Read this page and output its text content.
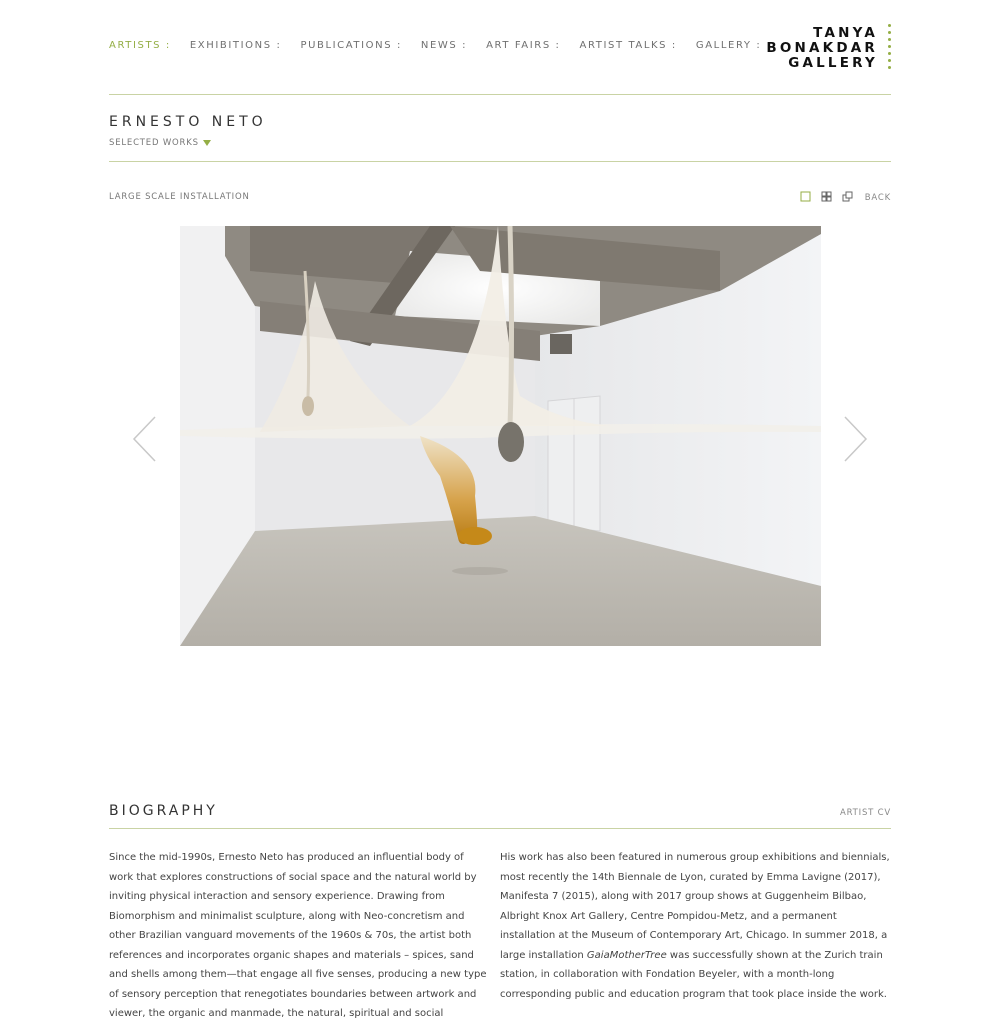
ARTISTS : EXHIBITIONS : PUBLICATIONS : NEWS : ART FAIRS : ARTIST TALKS : GALLERY :
TANYA
BONAKDAR
GALLERY
ERNESTO NETO
SELECTED WORKS
LARGE SCALE INSTALLATION	BACK
BIOGRAPHY	ARTIST CV
Since the mid-1990s, Ernesto Neto has produced an influential body of work that explores constructions of social space and the natural world by inviting physical interaction and sensory experience. Drawing from Biomorphism and minimalist sculpture, along with Neo-concretism and other Brazilian vanguard movements of the 1960s & 70s, the artist both references and incorporates organic shapes and materials – spices, sand and shells among them—that engage all five senses, producing a new type of sensory perception that renegotiates boundaries between artwork and viewer, the organic and manmade, the natural, spiritual and social
His work has also been featured in numerous group exhibitions and biennials, most recently the 14th Biennale de Lyon, curated by Emma Lavigne (2017), Manifesta 7 (2015), along with 2017 group shows at Guggenheim Bilbao, Albright Knox Art Gallery, Centre Pompidou-Metz, and a permanent installation at the Museum of Contemporary Art, Chicago. In summer 2018, a large installation GaiaMotherTree was successfully shown at the Zurich train station, in collaboration with Fondation Beyeler, with a month-long corresponding public and education program that took place inside the work.
